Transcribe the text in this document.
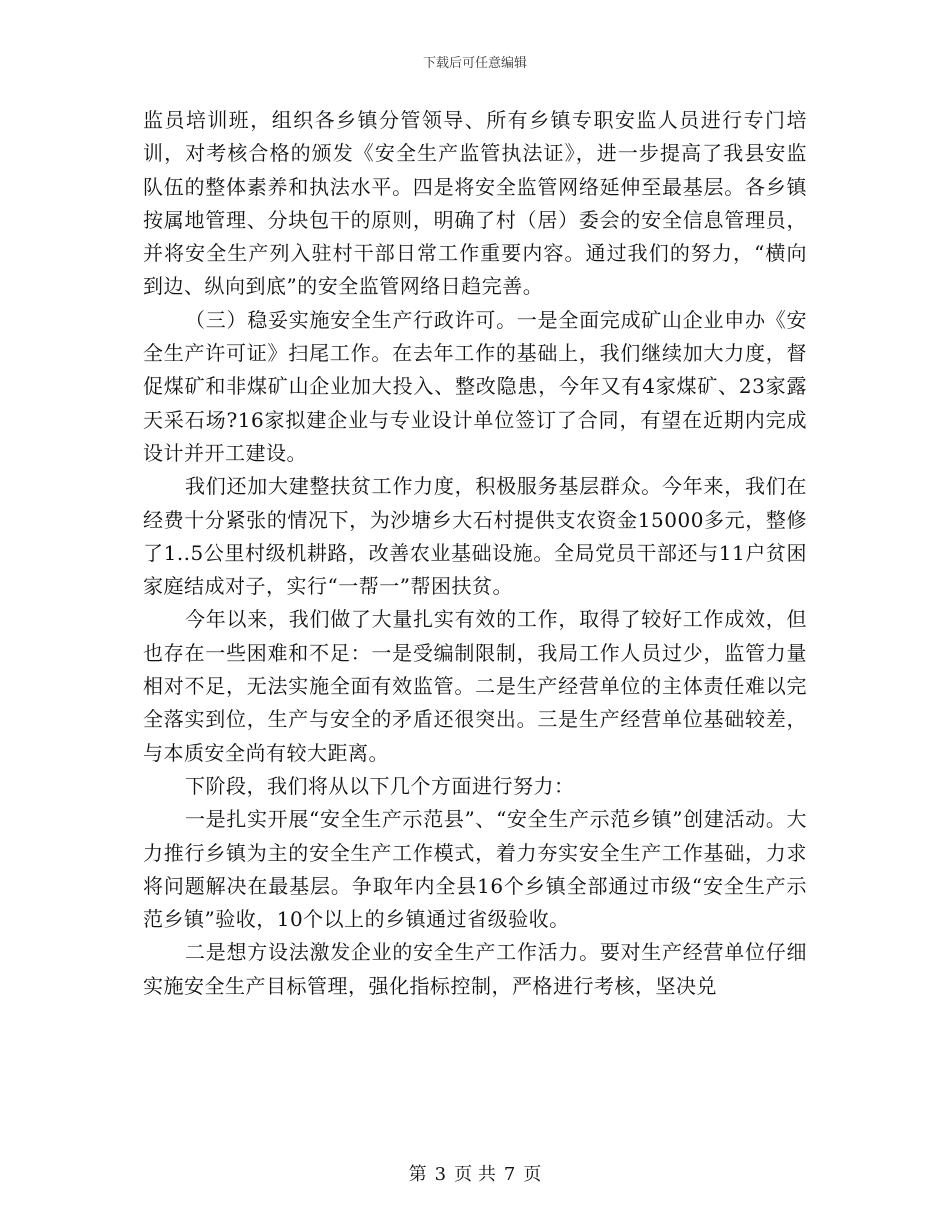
下载后可任意编辑

监员培训班，组织各乡镇分管领导、所有乡镇专职安监人员进行专门培训，对考核合格的颁发《安全生产监管执法证》，进一步提高了我县安监队伍的整体素养和执法水平。四是将安全监管网络延伸至最基层。各乡镇按属地管理、分块包干的原则，明确了村（居）委会的安全信息管理员，并将安全生产列入驻村干部日常工作重要内容。通过我们的努力，“横向到边、纵向到底”的安全监管网络日趋完善。

（三）稳妥实施安全生产行政许可。一是全面完成矿山企业申办《安全生产许可证》扫尾工作。在去年工作的基础上，我们继续加大力度，督促煤矿和非煤矿山企业加大投入、整改隐患，今年又有4家煤矿、23家露天采石场?16家拟建企业与专业设计单位签订了合同，有望在近期内完成设计并开工建设。

我们还加大建整扶贫工作力度，积极服务基层群众。今年来，我们在经费十分紧张的情况下，为沙塘乡大石村提供支农资金15000多元，整修了1..5公里村级机耕路，改善农业基础设施。全局党员干部还与11户贫困家庭结成对子，实行“一帮一”帮困扶贫。

今年以来，我们做了大量扎实有效的工作，取得了较好工作成效，但也存在一些困难和不足：一是受编制限制，我局工作人员过少，监管力量相对不足，无法实施全面有效监管。二是生产经营单位的主体责任难以完全落实到位，生产与安全的矛盾还很突出。三是生产经营单位基础较差，与本质安全尚有较大距离。

下阶段，我们将从以下几个方面进行努力：

一是扎实开展“安全生产示范县”、“安全生产示范乡镇”创建活动。大力推行乡镇为主的安全生产工作模式，着力夯实安全生产工作基础，力求将问题解决在最基层。争取年内全县16个乡镇全部通过市级“安全生产示范乡镇”验收，10个以上的乡镇通过省级验收。

二是想方设法激发企业的安全生产工作活力。要对生产经营单位仔细实施安全生产目标管理，强化指标控制，严格进行考核，坚决兑

第 3 页 共 7 页
